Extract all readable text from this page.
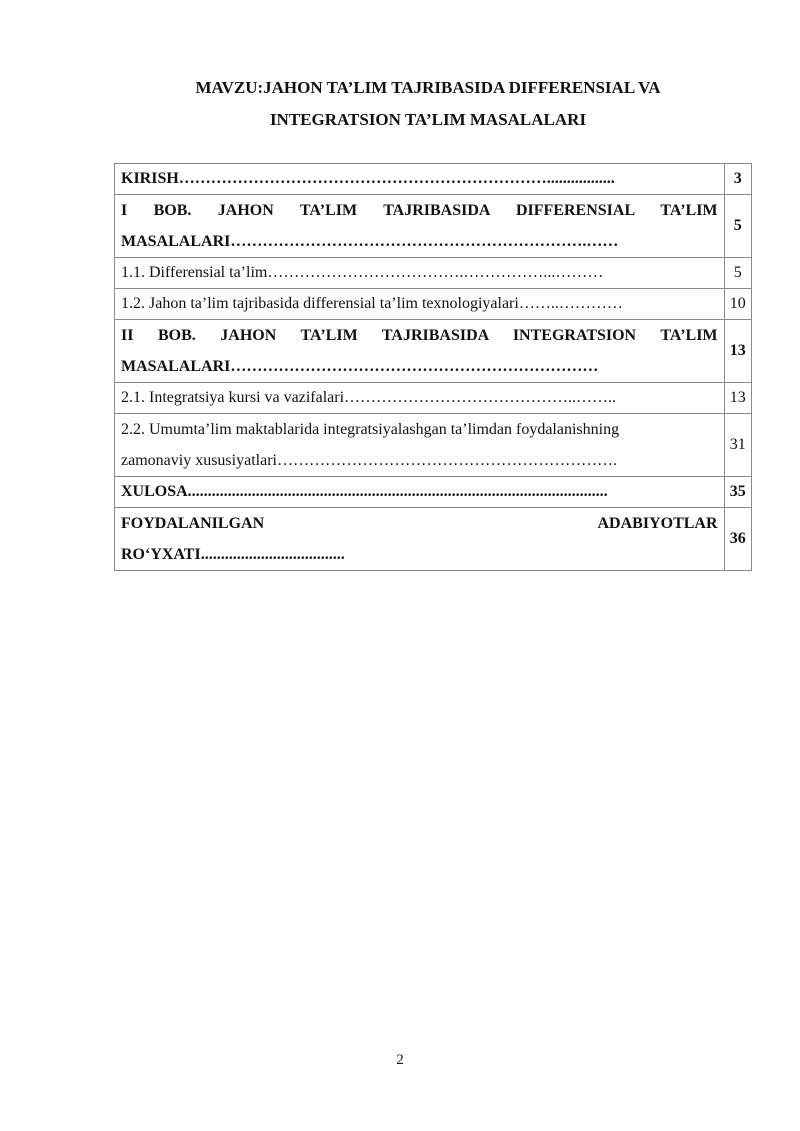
MAVZU:JAHON TA’LIM TAJRIBASIDA DIFFERENSIAL VA
INTEGRATSION TA’LIM MASALALARI
KIRISH…………………………………………………………….................	3

I BOB. JAHON TA’LIM TAJRIBASIDA DIFFERENSIAL TA’LIM
MASALALARI………………………………………………………….……	5

1.1. Differensial ta’lim……………………………….……………...………	5

1.2. Jahon ta’lim tajribasida differensial ta’lim texnologiyalari……..…………	10

II BOB. JAHON TA’LIM TAJRIBASIDA INTEGRATSION TA’LIM
MASALALARI……………………………………………………………	13

2.1. Integratsiya kursi va vazifalari……………………………………..……..	13

2.2. Umumta’lim maktablarida integratsiyalashgan ta’limdan foydalanishning
zamonaviy xususiyatlari……………………………………………………….	31

XULOSA.........................................................................................................	35

FOYDALANILGAN ADABIYOTLAR
RO‘YXATI....................................	36
2
